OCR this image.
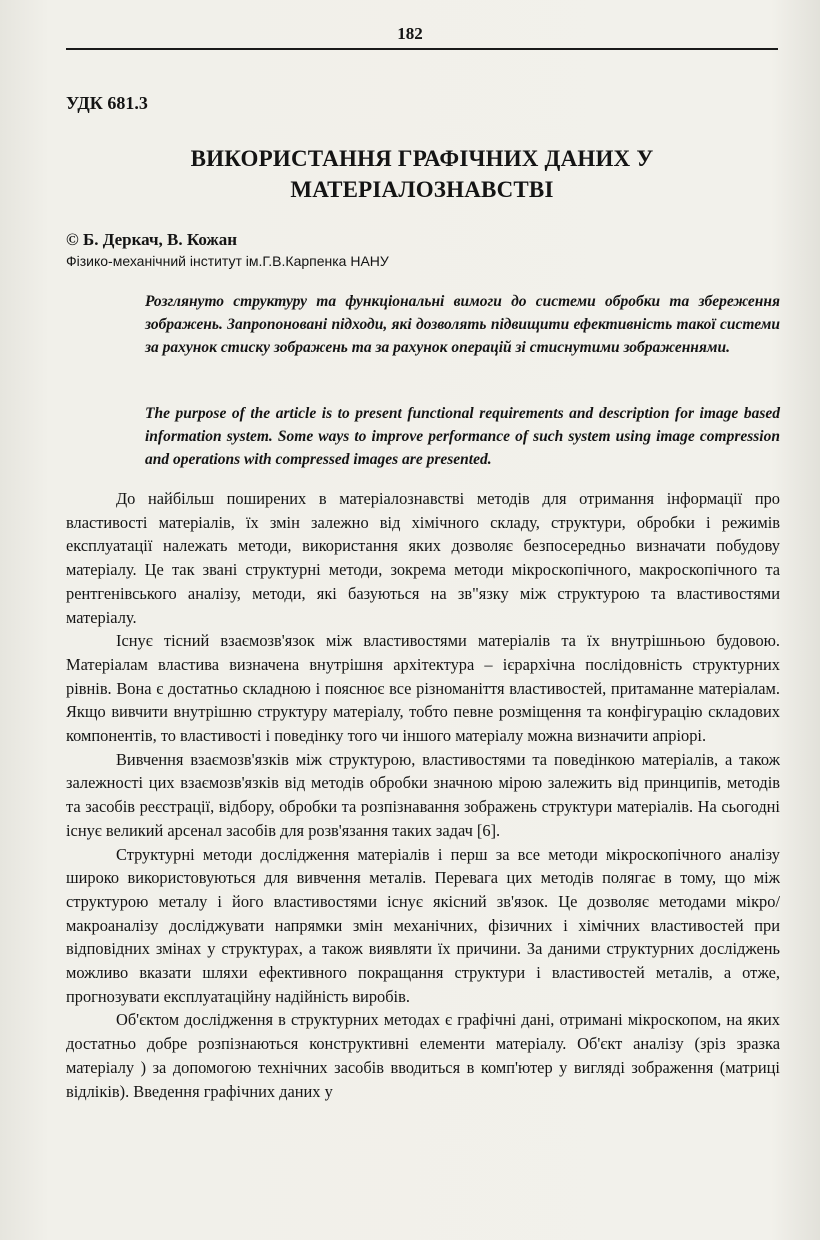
182
УДК 681.3
ВИКОРИСТАННЯ ГРАФІЧНИХ ДАНИХ У МАТЕРІАЛОЗНАВСТВІ
© Б. Деркач, В. Кожан
Фізико-механічний інститут ім.Г.В.Карпенка НАНУ

Розглянуто структуру та функціональні вимоги до системи обробки та збереження зображень. Запропоновані підходи, які дозволять підвищити ефективність такої системи за рахунок стиску зображень та за рахунок операцій зі стиснутими зображеннями.

The purpose of the article is to present functional requirements and description for image based information system. Some ways to improve performance of such system using image compression and operations with compressed images are presented.

До найбільш поширених в матеріалознавстві методів для отримання інформації про властивості матеріалів, їх змін залежно від хімічного складу, структури, обробки і режимів експлуатації належать методи, використання яких дозволяє безпосередньо визначати побудову матеріалу. Це так звані структурні методи, зокрема методи мікроскопічного, макроскопічного та рентгенівського аналізу, методи, які базуються на зв"язку між структурою та властивостями матеріалу.

Існує тісний взаємозв'язок між властивостями матеріалів та їх внутрішньою будовою. Матеріалам властива визначена внутрішня архітектура – ієрархічна послідовність структурних рівнів. Вона є достатньо складною і пояснює все різноманіття властивостей, притаманне матеріалам. Якщо вивчити внутрішню структуру матеріалу, тобто певне розміщення та конфігурацію складових компонентів, то властивості і поведінку того чи іншого матеріалу можна визначити апріорі.

Вивчення взаємозв'язків між структурою, властивостями та поведінкою матеріалів, а також залежності цих взаємозв'язків від методів обробки значною мірою залежить від принципів, методів та засобів реєстрації, відбору, обробки та розпізнавання зображень структури матеріалів. На сьогодні існує великий арсенал засобів для розв'язання таких задач [6].

Структурні методи дослідження матеріалів і перш за все методи мікроскопічного аналізу широко використовуються для вивчення металів. Перевага цих методів полягає в тому, що між структурою металу і його властивостями існує якісний зв'язок. Це дозволяє методами мікро/макроаналізу досліджувати напрямки змін механічних, фізичних і хімічних властивостей при відповідних змінах у структурах, а також виявляти їх причини. За даними структурних досліджень можливо вказати шляхи ефективного покращання структури і властивостей металів, а отже, прогнозувати експлуатаційну надійність виробів.

Об'єктом дослідження в структурних методах є графічні дані, отримані мікроскопом, на яких достатньо добре розпізнаються конструктивні елементи матеріалу. Об'єкт аналізу (зріз зразка матеріалу ) за допомогою технічних засобів вводиться в комп'ютер у вигляді зображення (матриці відліків). Введення графічних даних у
